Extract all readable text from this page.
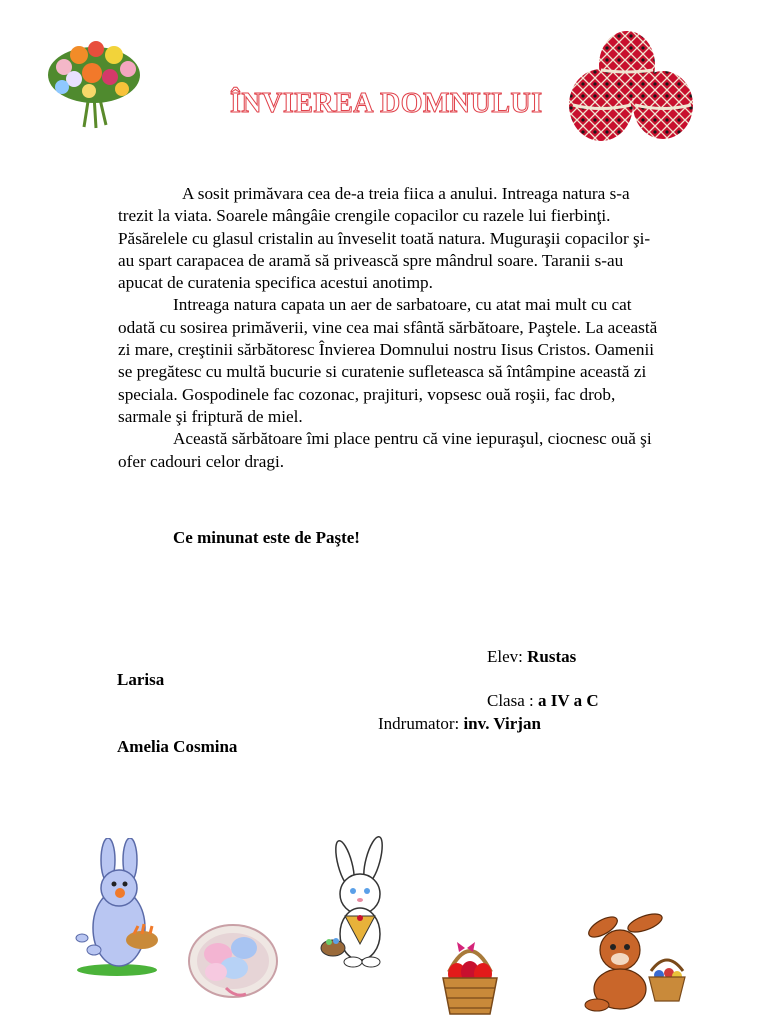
ÎNVIEREA DOMNULUI

A sosit primăvara cea de-a treia fiica a anului. Intreaga natura s-a trezit la viata. Soarele mângâie crengile copacilor cu razele lui fierbinţi. Păsărelele cu glasul cristalin au înveselit toată natura. Muguraşii copacilor şi-au spart carapacea de aramă să privească spre mândrul soare. Taranii s-au apucat de curatenia specifica acestui anotimp.

Intreaga natura capata un aer de sarbatoare, cu atat mai mult cu cat odată cu sosirea primăverii, vine cea mai sfântă sărbătoare, Paştele. La această zi mare, creştinii sărbătoresc Învierea Domnului nostru Iisus Cristos. Oamenii se pregătesc cu multă bucurie si curatenie sufleteasca să întâmpine această zi speciala. Gospodinele fac cozonac, prajituri, vopsesc ouă roşii, fac drob, sarmale şi friptură de miel.

Această sărbătoare îmi place pentru că vine iepuraşul, ciocnesc ouă şi ofer cadouri celor dragi.

Ce minunat este de Paşte!
Elev: Rustas
Larisa
Clasa : a IV a C
Indrumator: inv. Virjan
Amelia Cosmina
